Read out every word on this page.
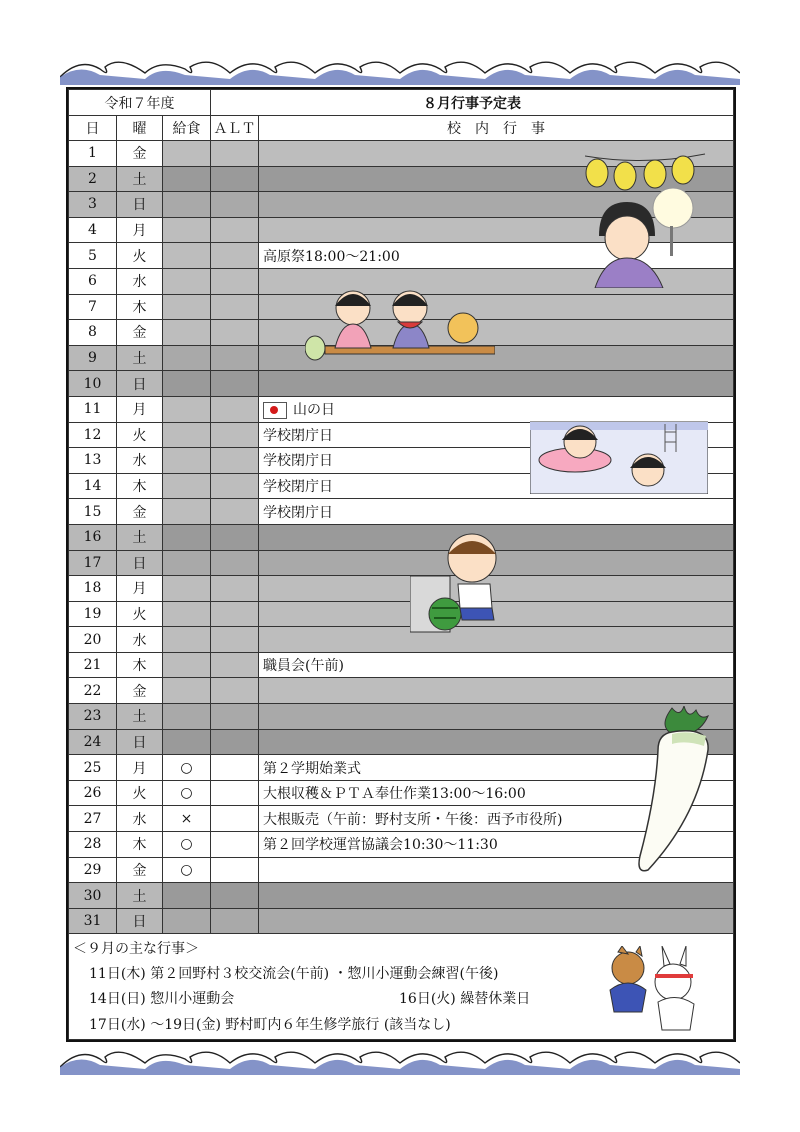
令和７年度			８月行事予定表	
日	曜	給食	ＡＬＴ	校　内　行　事
1	金			
2	土			
3	日			
4	月			
5	火			高原祭18:00～21:00
6	水			
7	木			
8	金			
9	土			
10	日			
11	月			山の日
12	火			学校閉庁日
13	水			学校閉庁日
14	木			学校閉庁日
15	金			学校閉庁日
16	土			
17	日			
18	月			
19	火			
20	水			
21	木			職員会(午前)
22	金			
23	土			
24	日			
25	月	○		第２学期始業式
26	火	○		大根収穫＆ＰＴＡ奉仕作業13:00～16:00
27	水	×		大根販売（午前：野村支所・午後：西予市役所)
28	木	○		第２回学校運営協議会10:30～11:30
29	金	○		
30	土			
31	日			

＜９月の主な行事＞
11日(木) 第２回野村３校交流会(午前) ・惣川小運動会練習(午後)
14日(日) 惣川小運動会 16日(火) 繰替休業日
17日(水) ～19日(金) 野村町内６年生修学旅行 (該当なし)				
